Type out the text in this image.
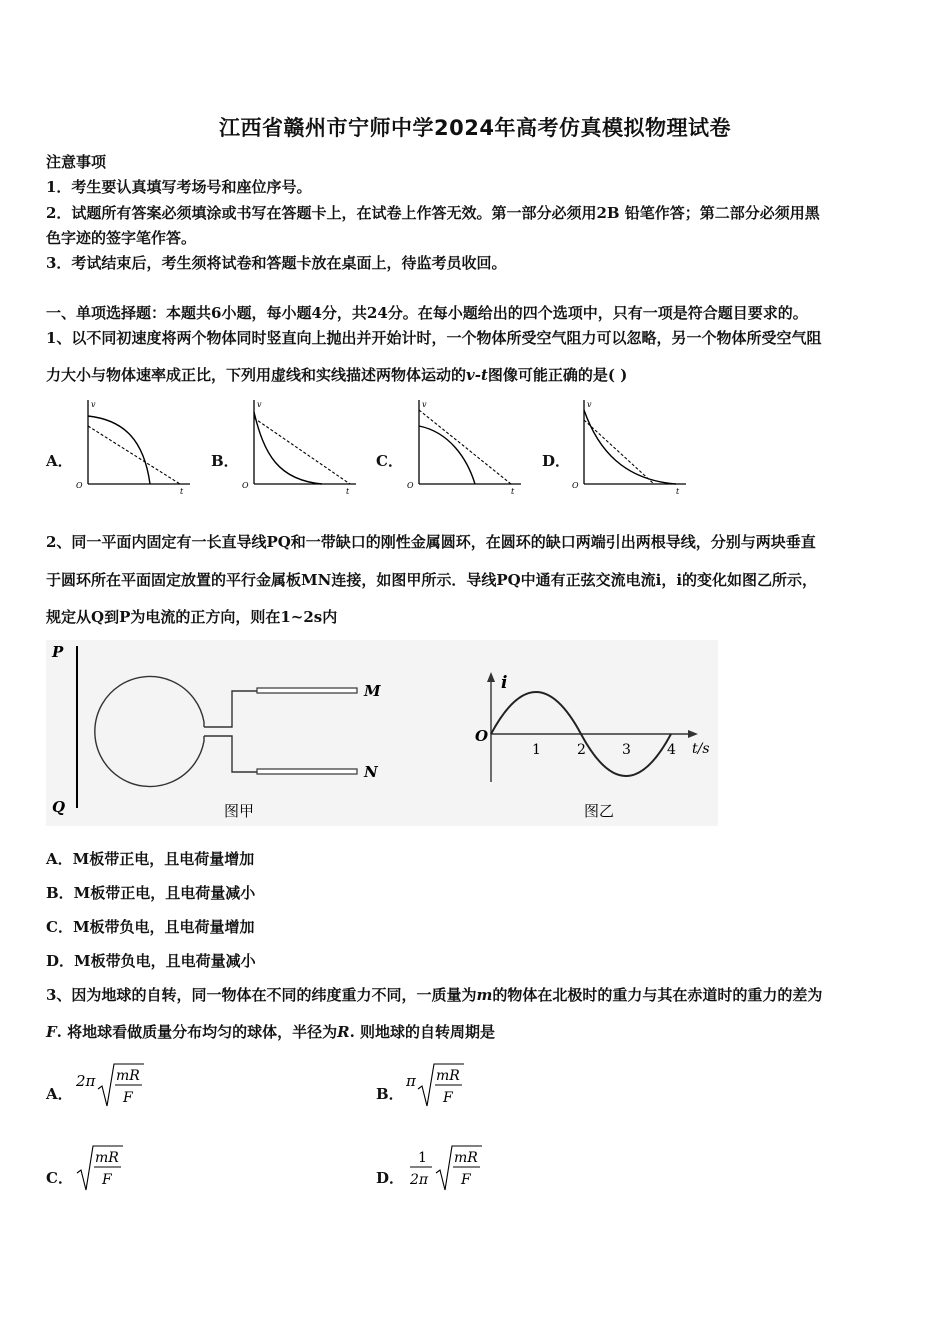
江西省赣州市宁师中学2024年高考仿真模拟物理试卷
注意事项
1．考生要认真填写考场号和座位序号。
2．试题所有答案必须填涂或书写在答题卡上，在试卷上作答无效。第一部分必须用2B 铅笔作答；第二部分必须用黑
色字迹的签字笔作答。
3．考试结束后，考生须将试卷和答题卡放在桌面上，待监考员收回。
一、单项选择题：本题共6小题，每小题4分，共24分。在每小题给出的四个选项中，只有一项是符合题目要求的。
1、以不同初速度将两个物体同时竖直向上抛出并开始计时，一个物体所受空气阻力可以忽略，另一个物体所受空气阻
力大小与物体速率成正比，下列用虚线和实线描述两物体运动的v-t图像可能正确的是( )
A．	B．	C．	D．
v
O
t
v
O
t
v
O
t
v
O
t
2、同一平面内固定有一长直导线PQ和一带缺口的刚性金属圆环，在圆环的缺口两端引出两根导线，分别与两块垂直
于圆环所在平面固定放置的平行金属板MN连接，如图甲所示．导线PQ中通有正弦交流电流i，i的变化如图乙所示，
规定从Q到P为电流的正方向，则在1~2s内
P
Q
M
N
图甲
i
O
1	2	3	4 t/s
图乙
A．M板带正电，且电荷量增加
B．M板带正电，且电荷量减小
C．M板带负电，且电荷量增加
D．M板带负电，且电荷量减小
3、因为地球的自转，同一物体在不同的纬度重力不同，一质量为m的物体在北极时的重力与其在赤道时的重力的差为
F. 将地球看做质量分布均匀的球体，半径为R. 则地球的自转周期是
A．
2π mR
F	B．
π mR
F
C．
mR
F	D．
1
2π
mR
F
